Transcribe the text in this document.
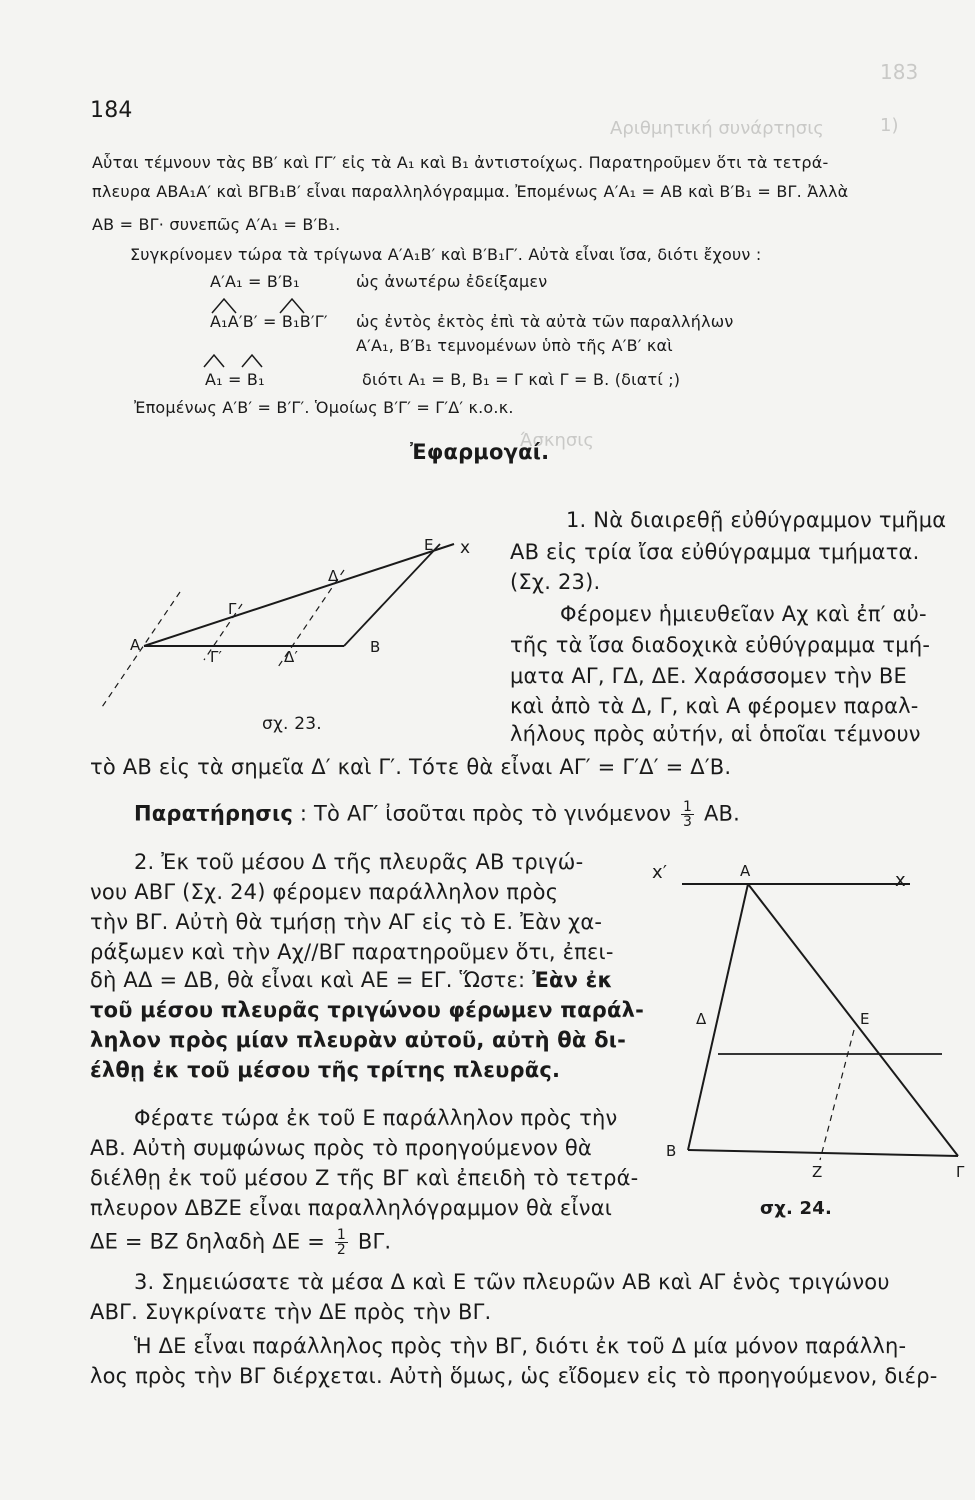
183
1)
Αριθμητική συνάρτησις
Άσκησις
184
Αὗται τέμνουν τὰς ΒΒ′ καὶ ΓΓ′ εἰς τὰ A₁ καὶ B₁ ἀντιστοίχως. Παρατηροῦμεν ὅτι τὰ τετρά-
πλευρα ΑΒΑ₁Α′ καὶ ΒΓΒ₁Β′ εἶναι παραλληλόγραμμα. Ἐπομένως Α′Α₁ = ΑΒ καὶ Β′Β₁ = ΒΓ. Ἀλλὰ
ΑΒ = ΒΓ· συνεπῶς Α′Α₁ = Β′Β₁.
Συγκρίνομεν τώρα τὰ τρίγωνα Α′Α₁Β′ καὶ Β′Β₁Γ′. Αὐτὰ εἶναι ἴσα, διότι ἔχουν :
Α′Α₁ = Β′Β₁	ὡς ἀνωτέρω ἐδείξαμεν
Α₁Α′Β′ = Β₁Β′Γ′ ὡς ἐντὸς ἐκτὸς ἐπὶ τὰ αὐτὰ τῶν παραλλήλων
Α′Α₁, Β′Β₁ τεμνομένων ὑπὸ τῆς Α′Β′ καὶ
Α₁ = Β₁	διότι Α₁ = Β, Β₁ = Γ καὶ Γ = Β. (διατί ;)
Ἐπομένως Α′Β′ = Β′Γ′. Ὁμοίως Β′Γ′ = Γ′Δ′ κ.ο.κ.
Ἐφαρμογαί.
1. Νὰ διαιρεθῇ εὐθύγραμμον τμῆμα
ΑΒ εἰς τρία ἴσα εὐθύγραμμα τμήματα.
(Σχ. 23).
Φέρομεν ἡμιευθεῖαν Αχ καὶ ἐπ′ αὐ-
τῆς τὰ ἴσα διαδοχικὰ εὐθύγραμμα τμή-
ματα ΑΓ, ΓΔ, ΔΕ. Χαράσσομεν τὴν ΒΕ
καὶ ἀπὸ τὰ Δ, Γ, καὶ Α φέρομεν παραλ-
λήλους πρὸς αὐτήν, αἱ ὁποῖαι τέμνουν
τὸ ΑΒ εἰς τὰ σημεῖα Δ′ καὶ Γ′. Τότε θὰ εἶναι ΑΓ′ = Γ′Δ′ = Δ′Β.
Α	Β
Γ
Δ
Ε x
Γ′	Δ′
σχ. 23.
Παρατήρησις : Τὸ ΑΓ′ ἰσοῦται πρὸς τὸ γινόμενον $\frac{1}{3} AB$.
2. Ἐκ τοῦ μέσου Δ τῆς πλευρᾶς ΑΒ τριγώ-
νου ΑΒΓ (Σχ. 24) φέρομεν παράλληλον πρὸς
τὴν ΒΓ. Αὐτὴ θὰ τμήσῃ τὴν ΑΓ εἰς τὸ Ε. Ἐὰν χα-
ράξωμεν καὶ τὴν Αχ//ΒΓ παρατηροῦμεν ὅτι, ἐπει-
δὴ ΑΔ = ΔΒ, θὰ εἶναι καὶ ΑΕ = ΕΓ. Ὥστε: Ἐὰν ἐκ
τοῦ μέσου πλευρᾶς τριγώνου φέρωμεν παράλ-
ληλον πρὸς μίαν πλευρὰν αὐτοῦ, αὐτὴ θὰ δι-
έλθῃ ἐκ τοῦ μέσου τῆς τρίτης πλευρᾶς.
Φέρατε τώρα ἐκ τοῦ Ε παράλληλον πρὸς τὴν
ΑΒ. Αὐτὴ συμφώνως πρὸς τὸ προηγούμενον θὰ
διέλθῃ ἐκ τοῦ μέσου Ζ τῆς ΒΓ καὶ ἐπειδὴ τὸ τετρά-
πλευρον ΔΒΖΕ εἶναι παραλληλόγραμμον θὰ εἶναι
ΔΕ = ΒΖ δηλαδὴ $\Delta E = \frac{1}{2} B\Gamma$.
x′	Α	x
Δ	Ε
Β
Ζ	Γ
σχ. 24.
3. Σημειώσατε τὰ μέσα Δ καὶ Ε τῶν πλευρῶν ΑΒ καὶ ΑΓ ἑνὸς τριγώνου
ΑΒΓ. Συγκρίνατε τὴν ΔΕ πρὸς τὴν ΒΓ.
Ἡ ΔΕ εἶναι παράλληλος πρὸς τὴν ΒΓ, διότι ἐκ τοῦ Δ μία μόνον παράλλη-
λος πρὸς τὴν ΒΓ διέρχεται. Αὐτὴ ὅμως, ὡς εἴδομεν εἰς τὸ προηγούμενον, διέρ-
